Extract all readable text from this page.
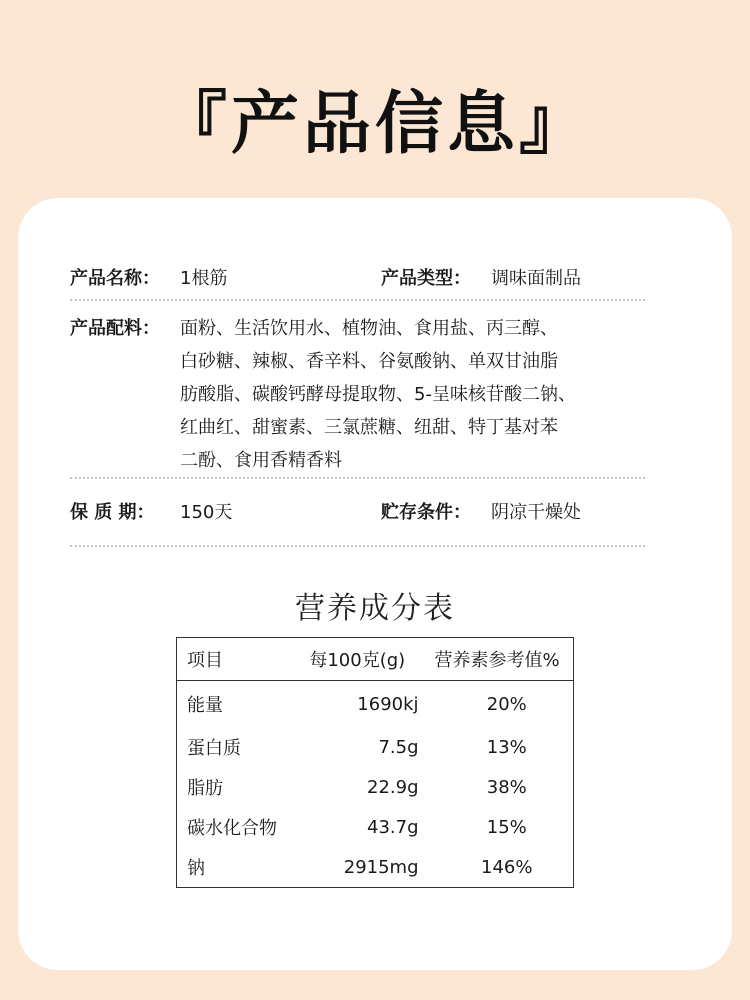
『产品信息』
产品名称：	1根筋	产品类型：	调味面制品
产品配料：	面粉、生活饮用水、植物油、食用盐、丙三醇、
白砂糖、辣椒、香辛料、谷氨酸钠、单双甘油脂
肪酸脂、碳酸钙酵母提取物、5-呈味核苷酸二钠、
红曲红、甜蜜素、三氯蔗糖、纽甜、特丁基对苯
二酚、食用香精香料
保 质 期：	150天	贮存条件：	阴凉干燥处
营养成分表
项目	每100克(g)	营养素参考值%
能量	1690kj	20%
蛋白质	7.5g	13%
脂肪	22.9g	38%
碳水化合物	43.7g	15%
钠	2915mg	146%
